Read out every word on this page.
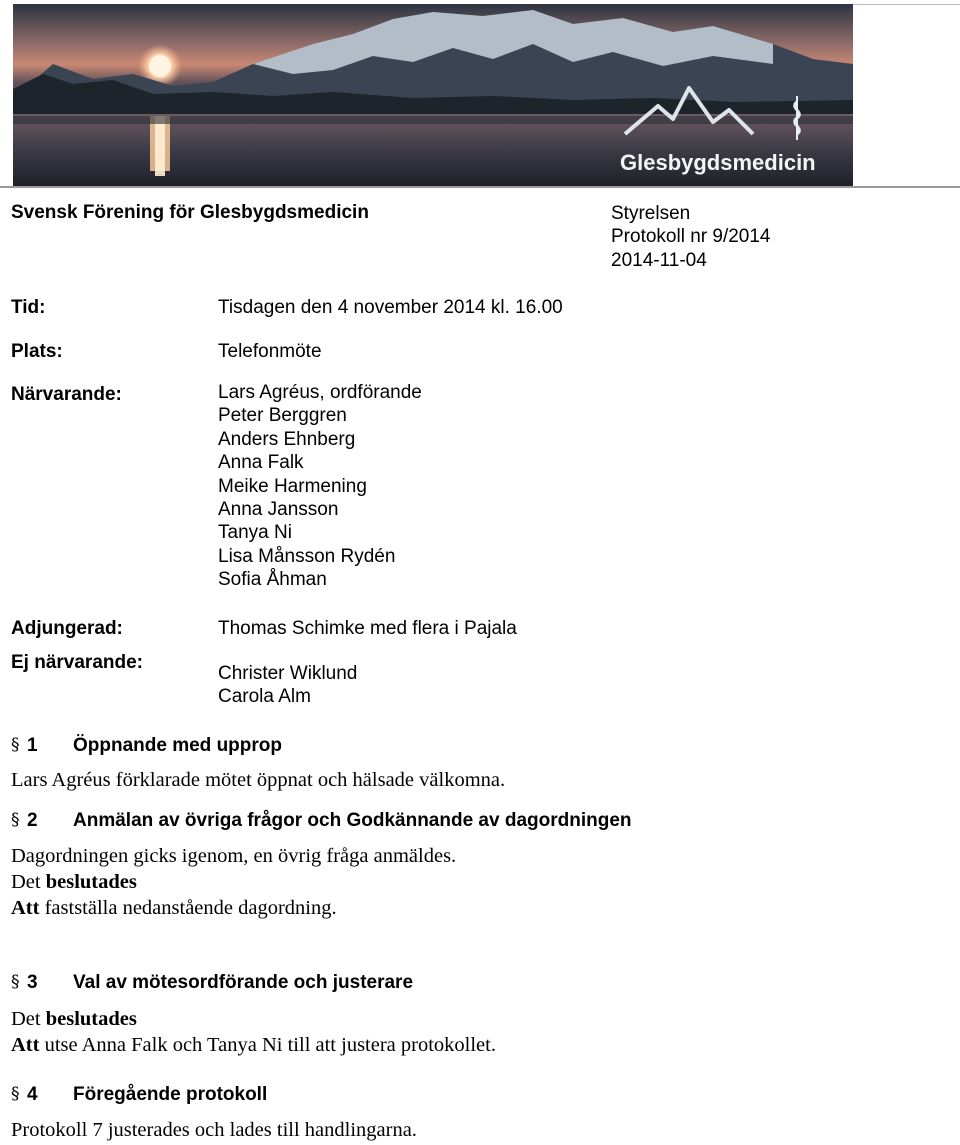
Glesbygdsmedicin
Svensk Förening för Glesbygdsmedicin	Styrelsen
Protokoll nr 9/2014
2014-11-04
Tid:	Tisdagen den 4 november 2014 kl. 16.00
Plats:	Telefonmöte
Närvarande:	Lars Agréus, ordförande
Peter Berggren
Anders Ehnberg
Anna Falk
Meike Harmening
Anna Jansson
Tanya Ni
Lisa Månsson Rydén
Sofia Åhman
Adjungerad:	Thomas Schimke med flera i Pajala
Ej närvarande:
Christer Wiklund
Carola Alm
§ 1 Öppnande med upprop
Lars Agréus förklarade mötet öppnat och hälsade välkomna.
§ 2 Anmälan av övriga frågor och Godkännande av dagordningen
Dagordningen gicks igenom, en övrig fråga anmäldes.
Det beslutades
Att fastställa nedanstående dagordning.
§ 3 Val av mötesordförande och justerare
Det beslutades
Att utse Anna Falk och Tanya Ni till att justera protokollet.
§ 4 Föregående protokoll
Protokoll 7 justerades och lades till handlingarna.
